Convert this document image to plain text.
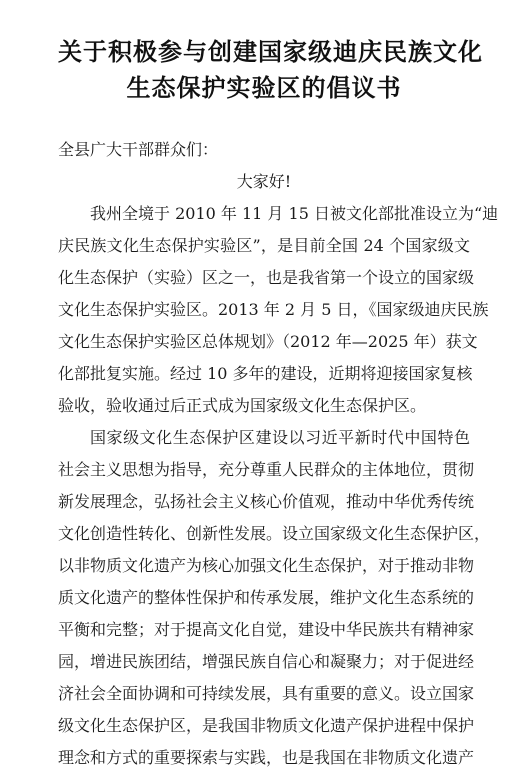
关于积极参与创建国家级迪庆民族文化
生态保护实验区的倡议书

全县广大干部群众们：

大家好!

我州全境于 2010 年 11 月 15 日被文化部批准设立为“迪
庆民族文化生态保护实验区”，是目前全国 24 个国家级文
化生态保护（实验）区之一，也是我省第一个设立的国家级
文化生态保护实验区。2013 年 2 月 5 日，《国家级迪庆民族
文化生态保护实验区总体规划》（2012 年—2025 年）获文
化部批复实施。经过 10 多年的建设，近期将迎接国家复核
验收，验收通过后正式成为国家级文化生态保护区。

国家级文化生态保护区建设以习近平新时代中国特色
社会主义思想为指导，充分尊重人民群众的主体地位，贯彻
新发展理念，弘扬社会主义核心价值观，推动中华优秀传统
文化创造性转化、创新性发展。设立国家级文化生态保护区，
以非物质文化遗产为核心加强文化生态保护，对于推动非物
质文化遗产的整体性保护和传承发展，维护文化生态系统的
平衡和完整；对于提高文化自觉，建设中华民族共有精神家
园，增进民族团结，增强民族自信心和凝聚力；对于促进经
济社会全面协调和可持续发展，具有重要的意义。设立国家
级文化生态保护区，是我国非物质文化遗产保护进程中保护
理念和方式的重要探索与实践，也是我国在非物质文化遗产
